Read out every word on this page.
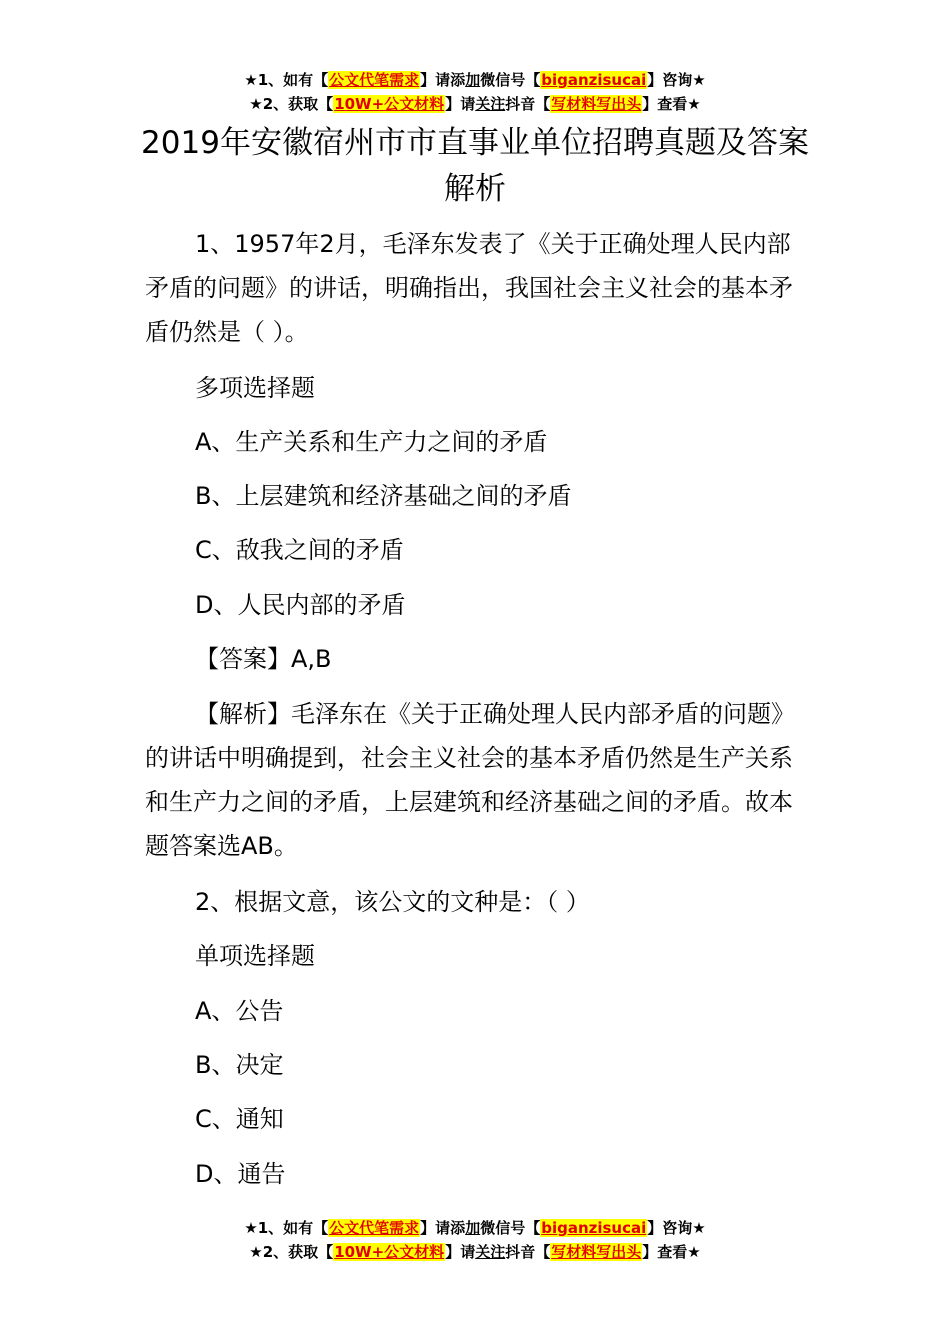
★1、如有【公文代笔需求】请添加微信号【biganzisucai】咨询★
★2、获取【10W+公文材料】请关注抖音【写材料写出头】查看★
2019年安徽宿州市市直事业单位招聘真题及答案解析

1、1957年2月，毛泽东发表了《关于正确处理人民内部矛盾的问题》的讲话，明确指出，我国社会主义社会的基本矛盾仍然是（ ）。

多项选择题

A、生产关系和生产力之间的矛盾

B、上层建筑和经济基础之间的矛盾

C、敌我之间的矛盾

D、人民内部的矛盾

【答案】A,B

【解析】毛泽东在《关于正确处理人民内部矛盾的问题》的讲话中明确提到，社会主义社会的基本矛盾仍然是生产关系和生产力之间的矛盾，上层建筑和经济基础之间的矛盾。故本题答案选AB。

2、根据文意，该公文的文种是：（ ）

单项选择题

A、公告

B、决定

C、通知

D、通告

★1、如有【公文代笔需求】请添加微信号【biganzisucai】咨询★
★2、获取【10W+公文材料】请关注抖音【写材料写出头】查看★
